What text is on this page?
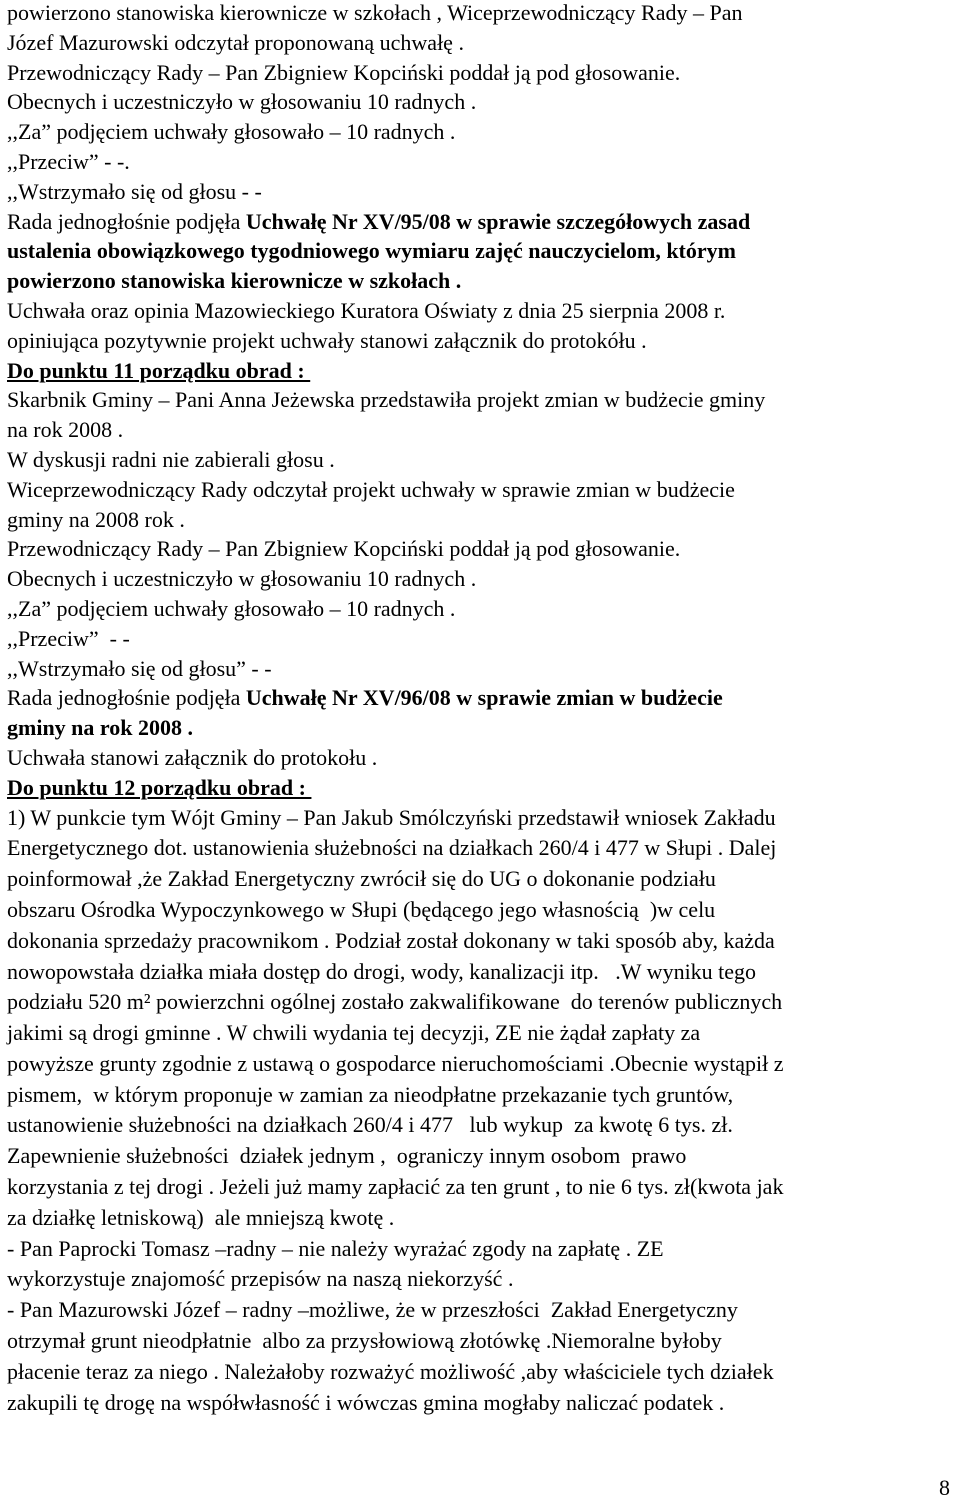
powierzono stanowiska kierownicze w szkołach , Wiceprzewodniczący Rady – Pan

Józef Mazurowski odczytał proponowaną uchwałę .

Przewodniczący Rady – Pan Zbigniew Kopciński poddał ją pod głosowanie.

Obecnych i uczestniczyło w głosowaniu 10 radnych .

,,Za” podjęciem uchwały głosowało – 10 radnych .

,,Przeciw” - -.

,,Wstrzymało się od głosu - -

Rada jednogłośnie podjęła Uchwałę Nr XV/95/08 w sprawie szczegółowych zasad

ustalenia obowiązkowego tygodniowego wymiaru zajęć nauczycielom, którym

powierzono stanowiska kierownicze w szkołach .

Uchwała oraz opinia Mazowieckiego Kuratora Oświaty z dnia 25 sierpnia 2008 r.

opiniująca pozytywnie projekt uchwały stanowi załącznik do protokółu .

Do punktu 11 porządku obrad :

Skarbnik Gminy – Pani Anna Jeżewska przedstawiła projekt zmian w budżecie gminy

na rok 2008 .

W dyskusji radni nie zabierali głosu .

Wiceprzewodniczący Rady odczytał projekt uchwały w sprawie zmian w budżecie

gminy na 2008 rok .

Przewodniczący Rady – Pan Zbigniew Kopciński poddał ją pod głosowanie.

Obecnych i uczestniczyło w głosowaniu 10 radnych .

,,Za” podjęciem uchwały głosowało – 10 radnych .

,,Przeciw”  - -

,,Wstrzymało się od głosu” - -

Rada jednogłośnie podjęła Uchwałę Nr XV/96/08 w sprawie zmian w budżecie

gminy na rok 2008 .

Uchwała stanowi załącznik do protokołu .

Do punktu 12 porządku obrad :

1) W punkcie tym Wójt Gminy – Pan Jakub Smólczyński przedstawił wniosek Zakładu

Energetycznego dot. ustanowienia służebności na działkach 260/4 i 477 w Słupi . Dalej

poinformował ,że Zakład Energetyczny zwrócił się do UG o dokonanie podziału

obszaru Ośrodka Wypoczynkowego w Słupi (będącego jego własnością  )w celu

dokonania sprzedaży pracownikom . Podział został dokonany w taki sposób aby, każda

nowopowstała działka miała dostęp do drogi, wody, kanalizacji itp.   .W wyniku tego

podziału 520 m² powierzchni ogólnej zostało zakwalifikowane  do terenów publicznych

jakimi są drogi gminne . W chwili wydania tej decyzji, ZE nie żądał zapłaty za

powyższe grunty zgodnie z ustawą o gospodarce nieruchomościami .Obecnie wystąpił z

pismem,  w którym proponuje w zamian za nieodpłatne przekazanie tych gruntów,

ustanowienie służebności na działkach 260/4 i 477   lub wykup  za kwotę 6 tys. zł.

Zapewnienie służebności  działek jednym ,  ograniczy innym osobom  prawo

korzystania z tej drogi . Jeżeli już mamy zapłacić za ten grunt , to nie 6 tys. zł(kwota jak

za działkę letniskową)  ale mniejszą kwotę .

- Pan Paprocki Tomasz –radny – nie należy wyrażać zgody na zapłatę . ZE

wykorzystuje znajomość przepisów na naszą niekorzyść .

- Pan Mazurowski Józef – radny –możliwe, że w przeszłości  Zakład Energetyczny

otrzymał grunt nieodpłatnie  albo za przysłowiową złotówkę .Niemoralne byłoby

płacenie teraz za niego . Należałoby rozważyć możliwość ,aby właściciele tych działek

zakupili tę drogę na współwłasność i wówczas gmina mogłaby naliczać podatek .

8
